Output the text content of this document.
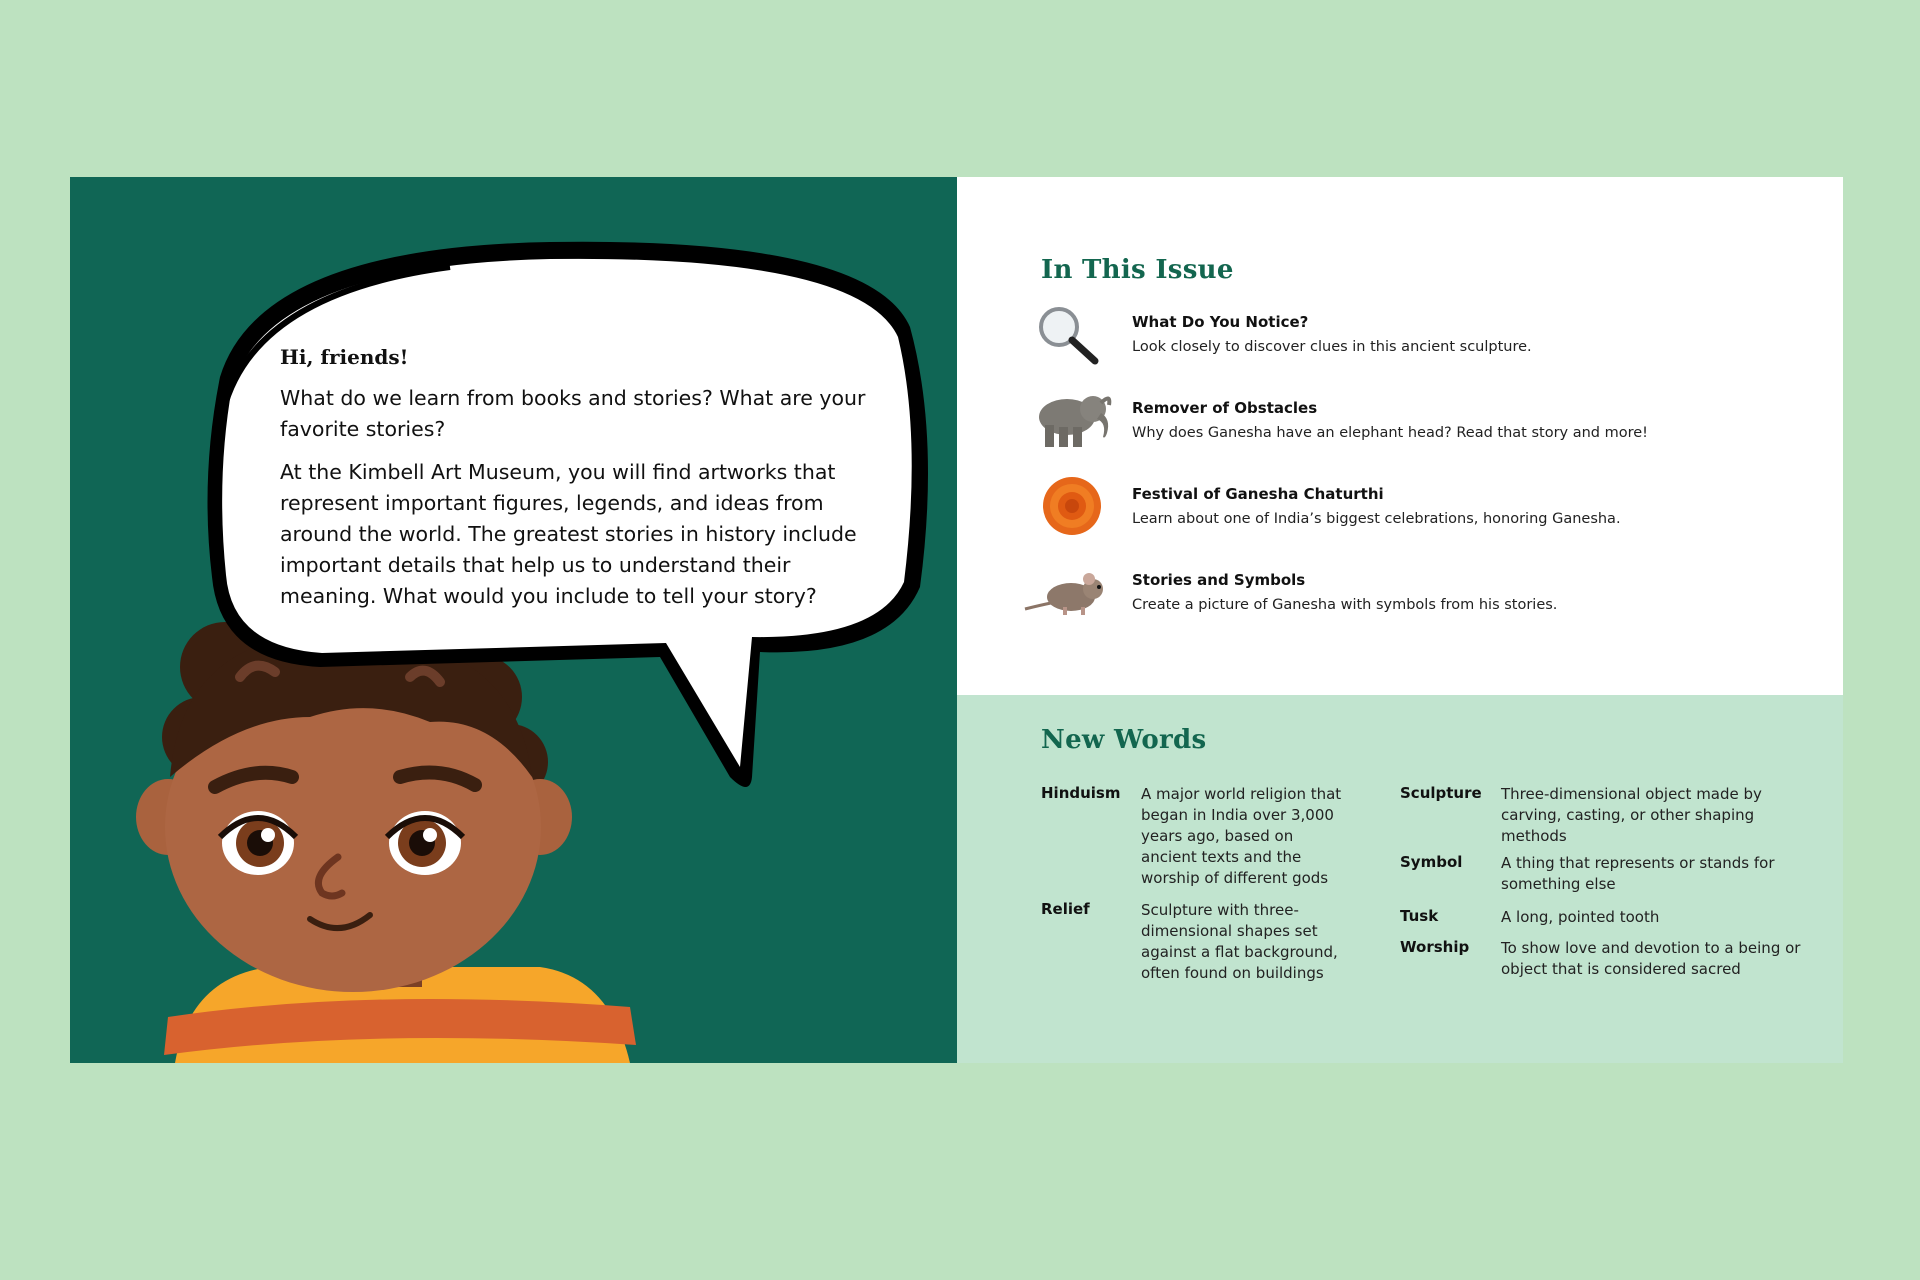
Hi, friends!

What do we learn from books and stories? What are your favorite stories?

At the Kimbell Art Museum, you will find artworks that represent important figures, legends, and ideas from around the world. The greatest stories in history include important details that help us to understand their meaning. What would you include to tell your story?

In This Issue

What Do You Notice?

Look closely to discover clues in this ancient sculpture.

Remover of Obstacles

Why does Ganesha have an elephant head? Read that story and more!

Festival of Ganesha Chaturthi

Learn about one of India’s biggest celebrations, honoring Ganesha.

Stories and Symbols

Create a picture of Ganesha with symbols from his stories.

New Words
Hinduism A major world religion that began in India over 3,000 years ago, based on ancient texts and the worship of different gods
Relief	Sculpture with three-dimensional shapes set against a flat background, often found on buildings
Sculpture Three-dimensional object made by carving, casting, or other shaping methods
Symbol	A thing that represents or stands for something else
Tusk	A long, pointed tooth
Worship To show love and devotion to a being or object that is considered sacred
